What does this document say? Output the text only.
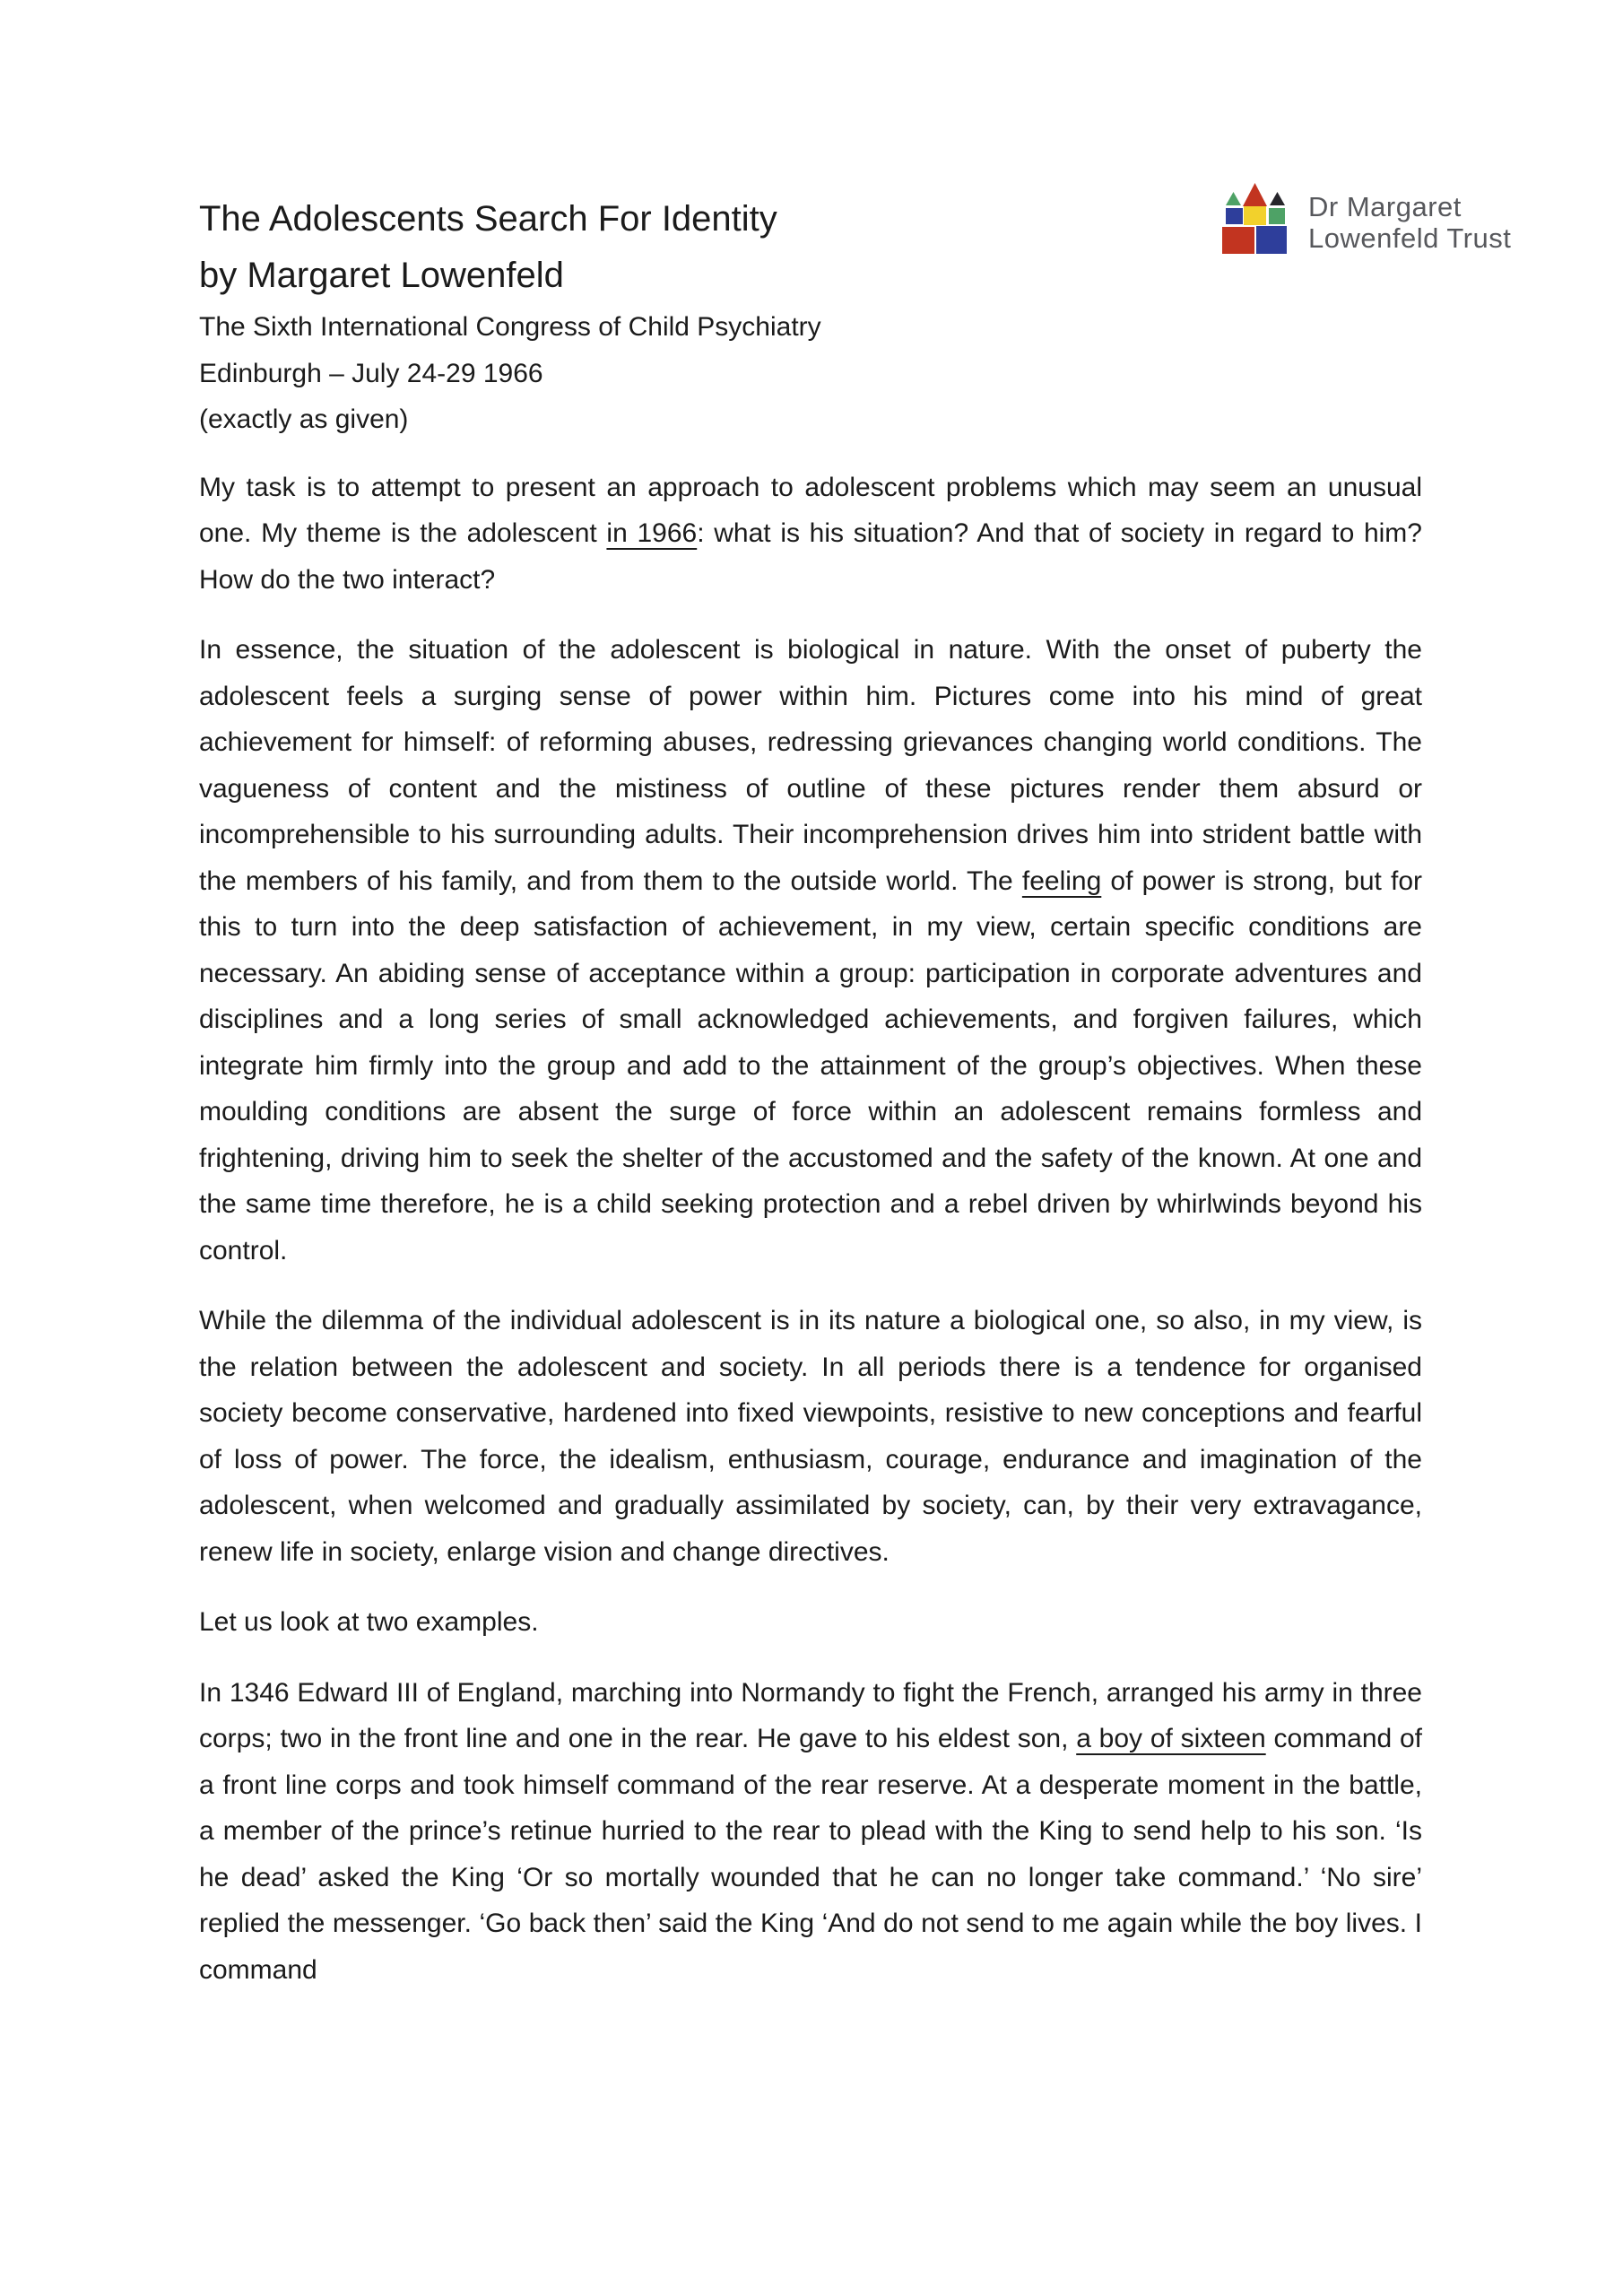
Dr Margaret
Lowenfeld Trust
The Adolescents Search For Identity
by Margaret Lowenfeld
The Sixth International Congress of Child Psychiatry
Edinburgh – July 24-29 1966
(exactly as given)

My task is to attempt to present an approach to adolescent problems which may seem an unusual one. My theme is the adolescent in 1966: what is his situation? And that of society in regard to him? How do the two interact?

In essence, the situation of the adolescent is biological in nature. With the onset of puberty the adolescent feels a surging sense of power within him. Pictures come into his mind of great achievement for himself: of reforming abuses, redressing grievances changing world conditions. The vagueness of content and the mistiness of outline of these pictures render them absurd or incomprehensible to his surrounding adults. Their incomprehension drives him into strident battle with the members of his family, and from them to the outside world. The feeling of power is strong, but for this to turn into the deep satisfaction of achievement, in my view, certain specific conditions are necessary. An abiding sense of acceptance within a group: participation in corporate adventures and disciplines and a long series of small acknowledged achievements, and forgiven failures, which integrate him firmly into the group and add to the attainment of the group’s objectives. When these moulding conditions are absent the surge of force within an adolescent remains formless and frightening, driving him to seek the shelter of the accustomed and the safety of the known. At one and the same time therefore, he is a child seeking protection and a rebel driven by whirlwinds beyond his control.

While the dilemma of the individual adolescent is in its nature a biological one, so also, in my view, is the relation between the adolescent and society. In all periods there is a tendence for organised society become conservative, hardened into fixed viewpoints, resistive to new conceptions and fearful of loss of power. The force, the idealism, enthusiasm, courage, endurance and imagination of the adolescent, when welcomed and gradually assimilated by society, can, by their very extravagance, renew life in society, enlarge vision and change directives.

Let us look at two examples.

In 1346 Edward III of England, marching into Normandy to fight the French, arranged his army in three corps; two in the front line and one in the rear. He gave to his eldest son, a boy of sixteen command of a front line corps and took himself command of the rear reserve. At a desperate moment in the battle, a member of the prince’s retinue hurried to the rear to plead with the King to send help to his son. ‘Is he dead’ asked the King ‘Or so mortally wounded that he can no longer take command.’ ‘No sire’ replied the messenger. ‘Go back then’ said the King ‘And do not send to me again while the boy lives. I command
